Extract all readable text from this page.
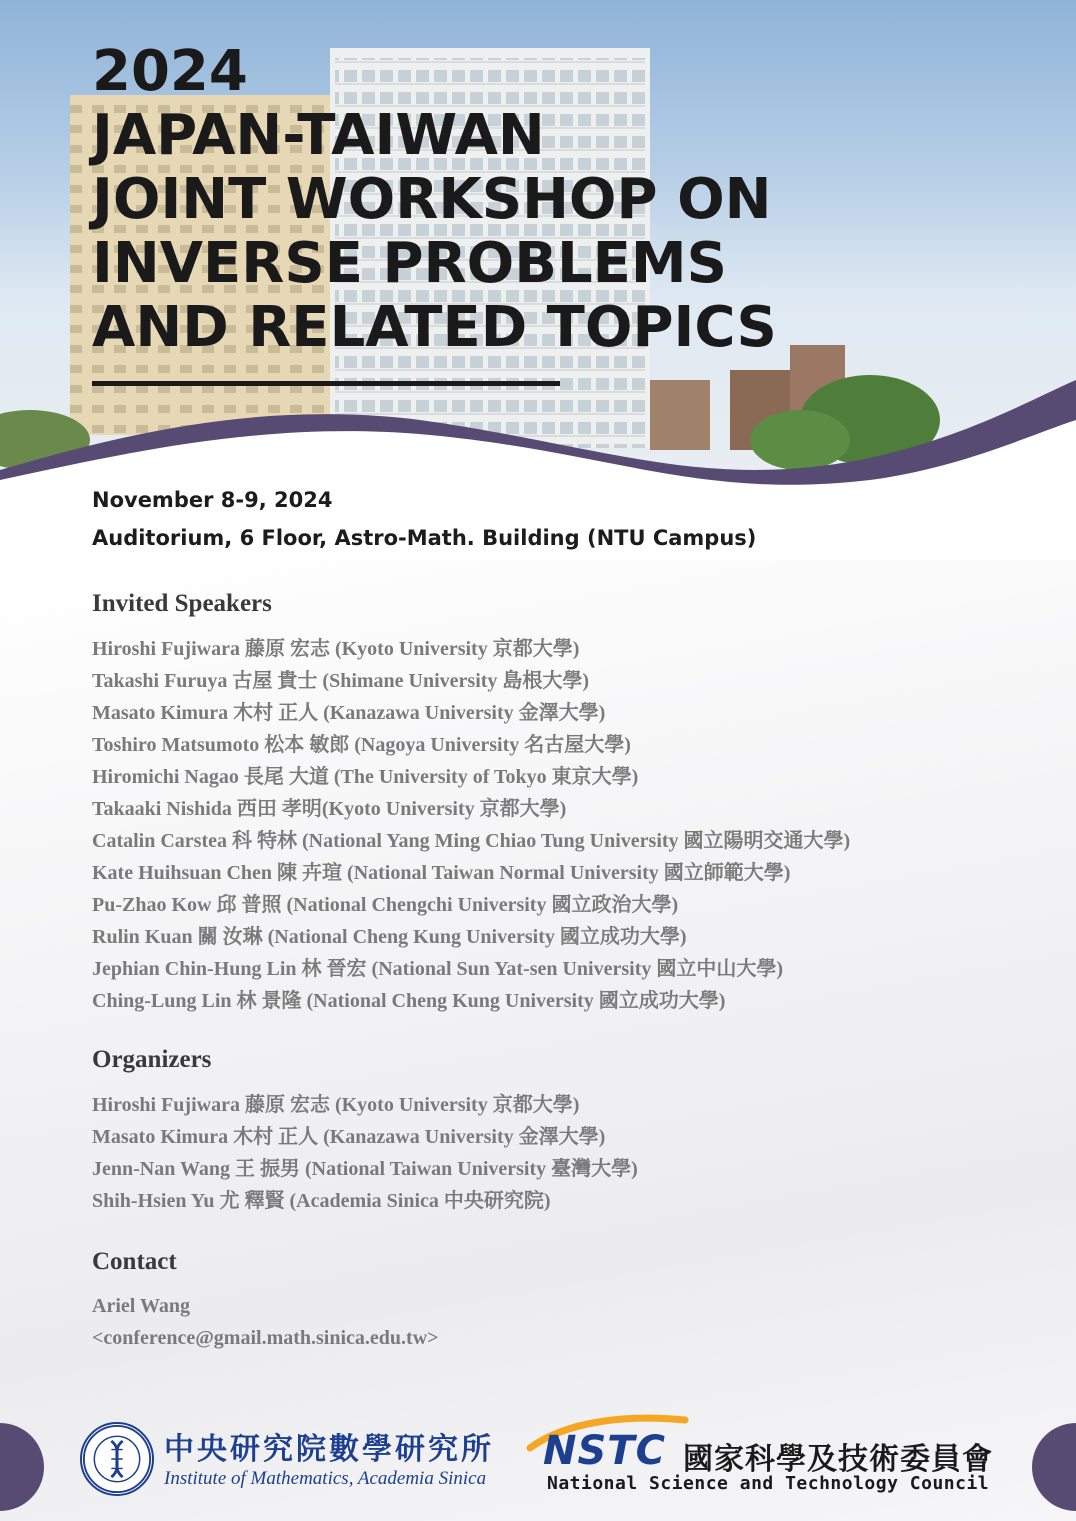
2024
JAPAN-TAIWAN
JOINT WORKSHOP ON
INVERSE PROBLEMS
AND RELATED TOPICS

November 8-9, 2024

Auditorium, 6 Floor, Astro-Math. Building (NTU Campus)

Invited Speakers
Hiroshi Fujiwara 藤原 宏志 (Kyoto University 京都大學)
Takashi Furuya 古屋 貴士 (Shimane University 島根大學)
Masato Kimura 木村 正人 (Kanazawa University 金澤大學)
Toshiro Matsumoto 松本 敏郎 (Nagoya University 名古屋大學)
Hiromichi Nagao 長尾 大道 (The University of Tokyo 東京大學)
Takaaki Nishida 西田 孝明(Kyoto University 京都大學)
Catalin Carstea 科 特林 (National Yang Ming Chiao Tung University 國立陽明交通大學)
Kate Huihsuan Chen 陳 卉瑄 (National Taiwan Normal University 國立師範大學)
Pu-Zhao Kow 邱 普照 (National Chengchi University 國立政治大學)
Rulin Kuan 關 汝琳 (National Cheng Kung University 國立成功大學)
Jephian Chin-Hung Lin 林 晉宏 (National Sun Yat-sen University 國立中山大學)
Ching-Lung Lin 林 景隆 (National Cheng Kung University 國立成功大學)
Organizers
Hiroshi Fujiwara 藤原 宏志 (Kyoto University 京都大學)
Masato Kimura 木村 正人 (Kanazawa University 金澤大學)
Jenn-Nan Wang 王 振男 (National Taiwan University 臺灣大學)
Shih-Hsien Yu 尤 釋賢 (Academia Sinica 中央研究院)
Contact
Ariel Wang
<conference@gmail.math.sinica.edu.tw>
中央研究院數學研究所
Institute of Mathematics, Academia Sinica
NSTC 國家科學及技術委員會
National Science and Technology Council
